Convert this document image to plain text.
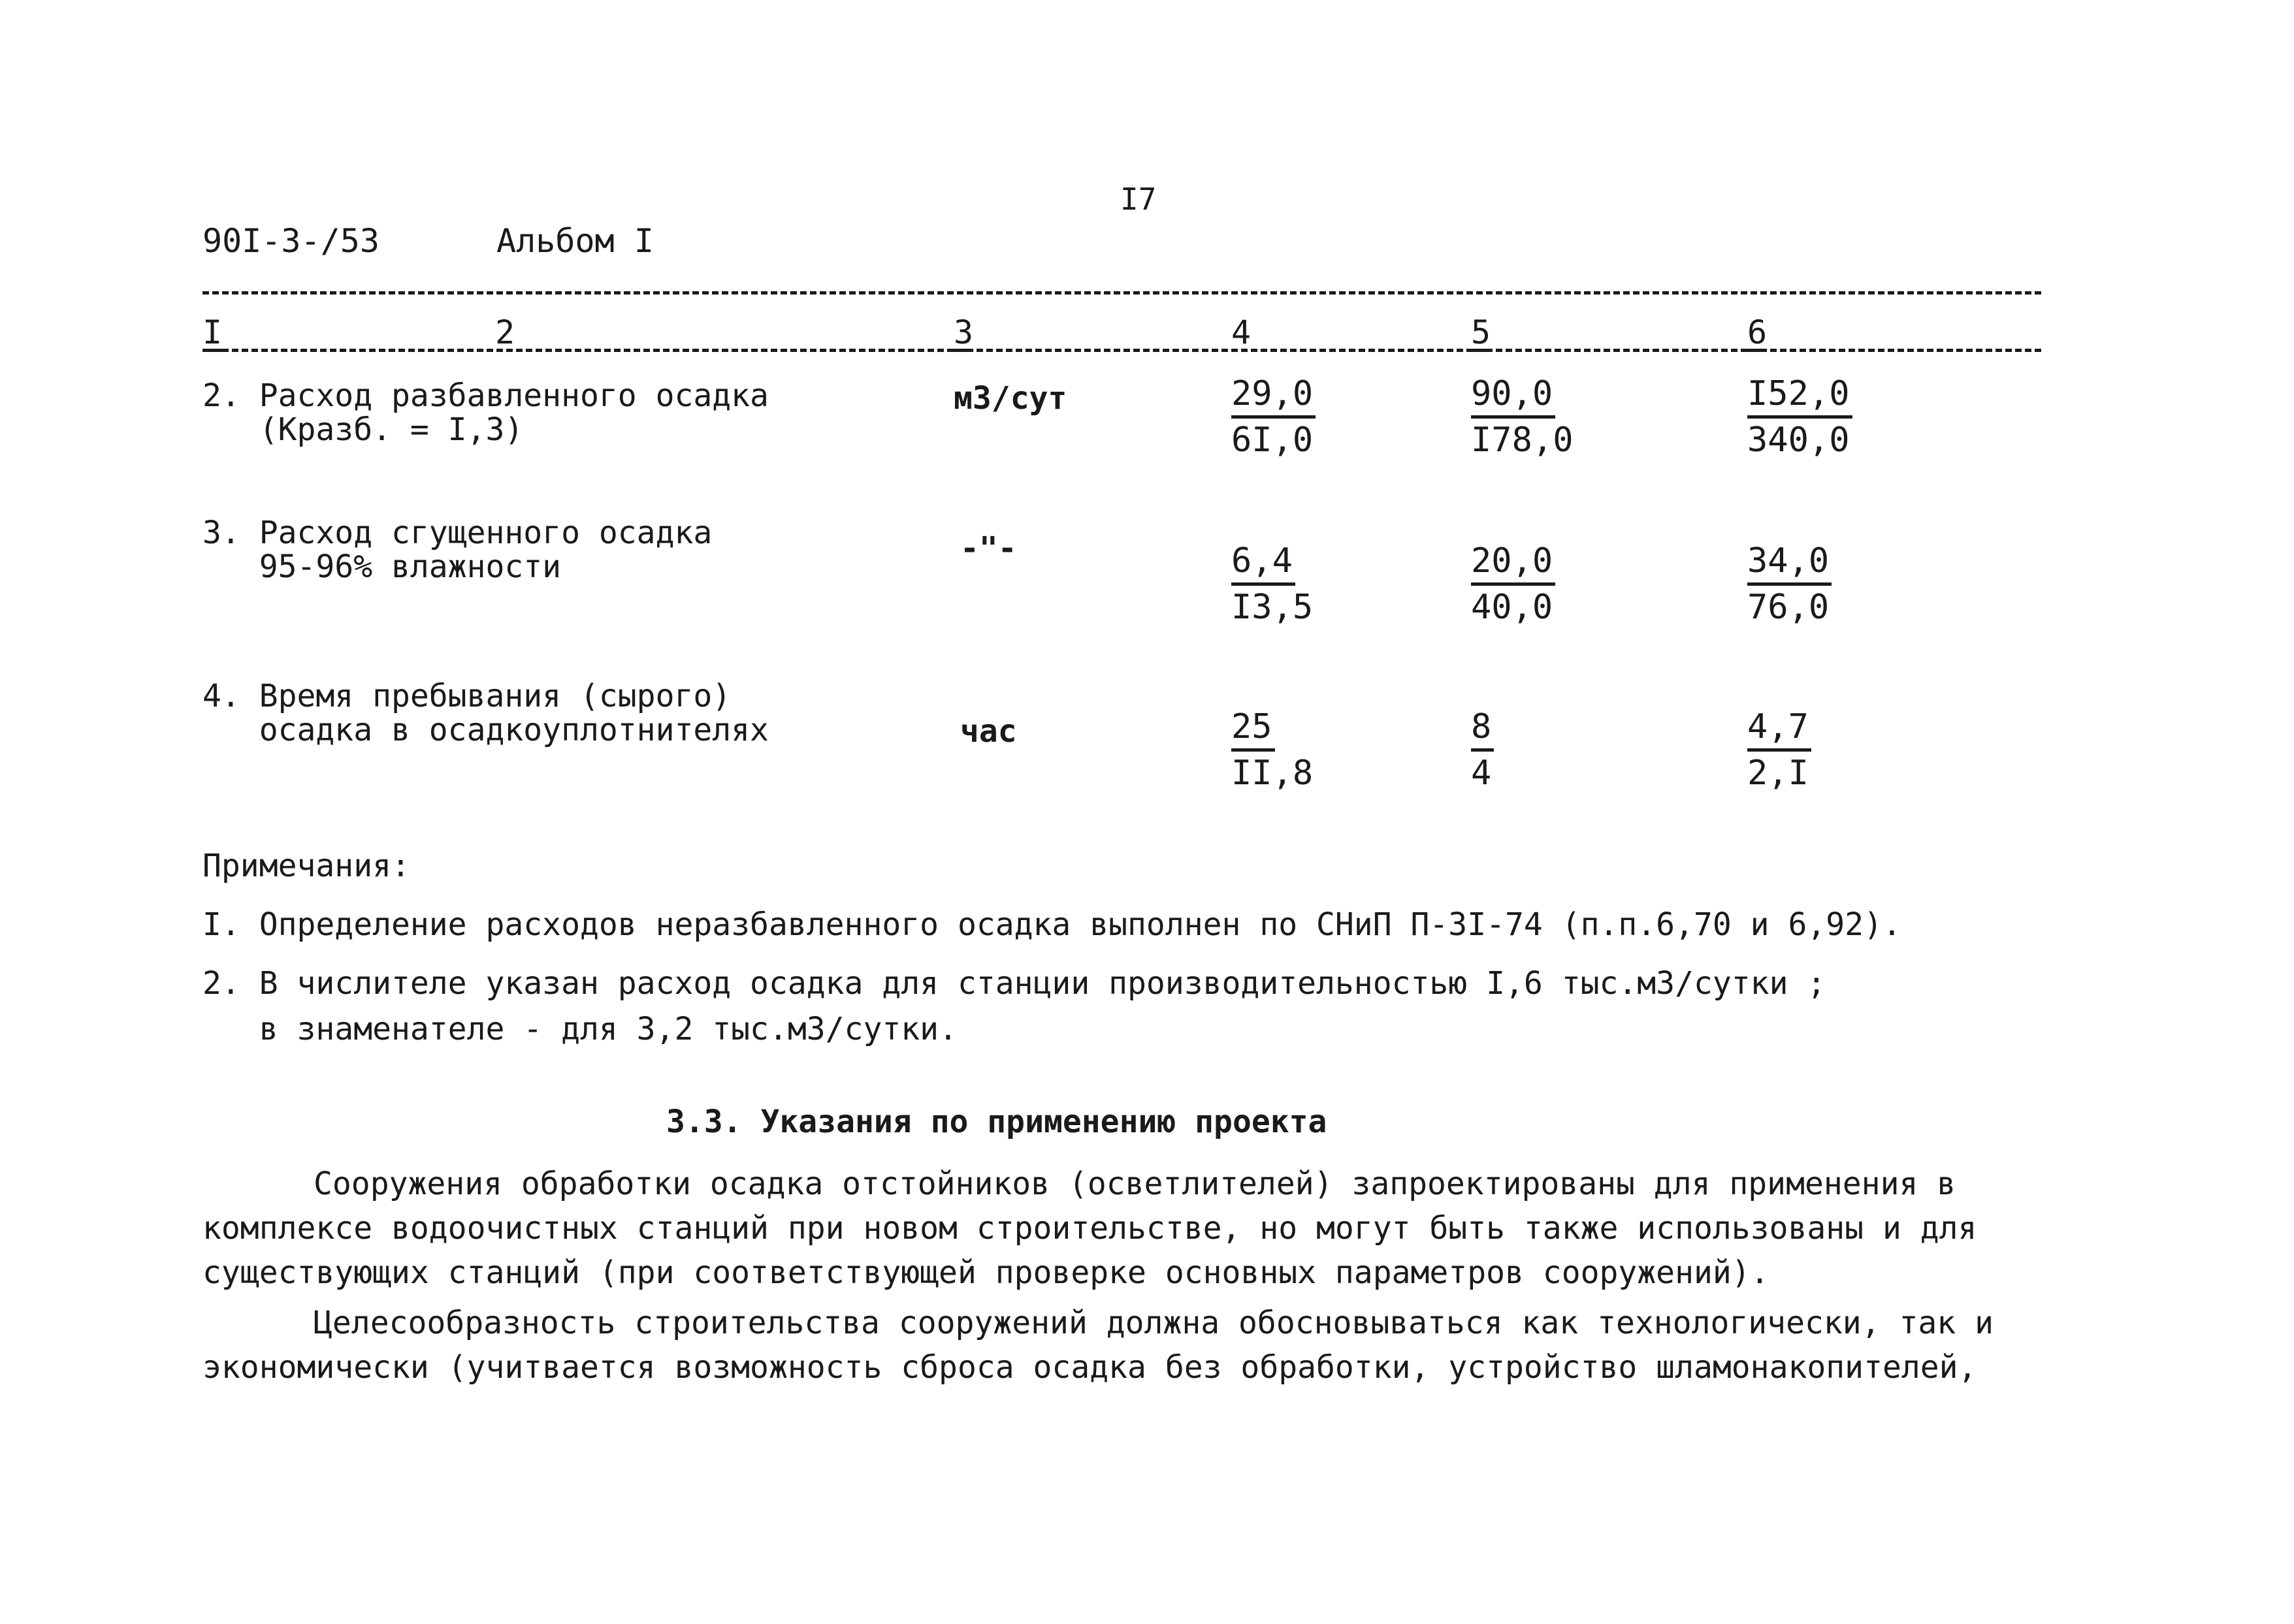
I7
90I-3-/53	Альбом I
I	2	3	4	5	6
2. Расход разбавленного осадка
(Кразб. = I,3)
м3/сут	$\frac{29,0}{6I,0}$	$\frac{90,0}{I78,0}$	$\frac{I52,0}{340,0}$
3. Расход сгущенного осадка
95-96% влажности	-"-	$\frac{6,4}{I3,5}$	$\frac{20,0}{40,0}$	$\frac{34,0}{76,0}$
4. Время пребывания (сырого)
осадка в осадкоуплотнителях	час	$\frac{25}{II,8}$	$\frac{8}{4}$	$\frac{4,7}{2,I}$
Примечания:
I. Определение расходов неразбавленного осадка выполнен по СНиП П-3I-74 (п.п.6,70 и 6,92).
2. В числителе указан расход осадка для станции производительностью I,6 тыс.м3/сутки ;
в знаменателе - для 3,2 тыс.м3/сутки.
3.3. Указания по применению проекта
Сооружения обработки осадка отстойников (осветлителей) запроектированы для применения в
комплексе водоочистных станций при новом строительстве, но могут быть также использованы и для
существующих станций (при соответствующей проверке основных параметров сооружений).
Целесообразность строительства сооружений должна обосновываться как технологически, так и
экономически (учитвается возможность сброса осадка без обработки, устройство шламонакопителей,
